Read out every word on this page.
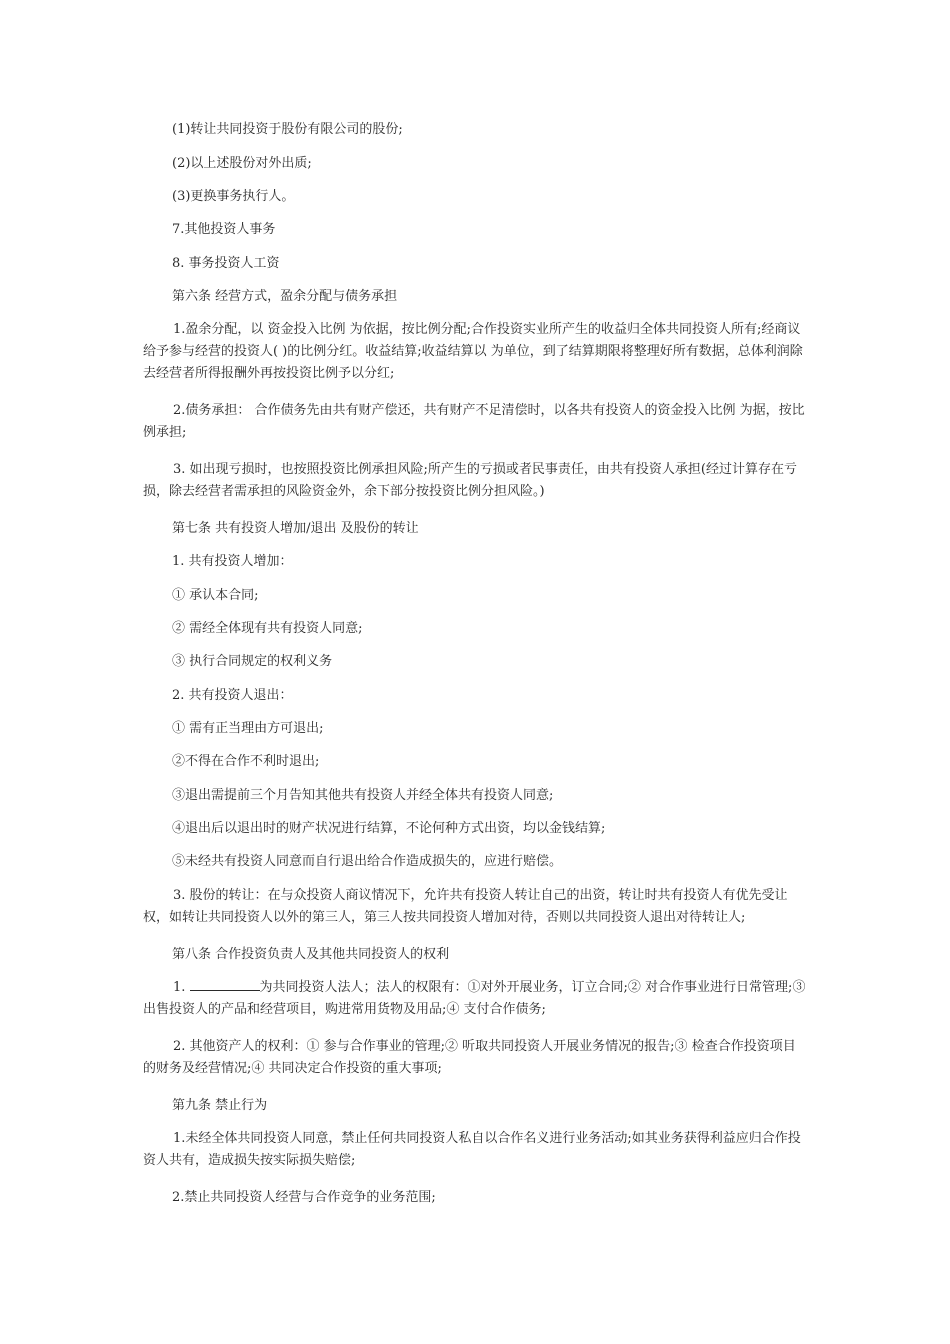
(1)转让共同投资于股份有限公司的股份;

(2)以上述股份对外出质;

(3)更换事务执行人。

7.其他投资人事务

8. 事务投资人工资

第六条 经营方式，盈余分配与债务承担

1.盈余分配，以 资金投入比例 为依据，按比例分配;合作投资实业所产生的收益归全体共同投资人所有;经商议给予参与经营的投资人( )的比例分红。收益结算;收益结算以 为单位，到了结算期限将整理好所有数据，总体利润除去经营者所得报酬外再按投资比例予以分红;

2.债务承担： 合作债务先由共有财产偿还，共有财产不足清偿时，以各共有投资人的资金投入比例 为据，按比例承担;

3. 如出现亏损时，也按照投资比例承担风险;所产生的亏损或者民事责任，由共有投资人承担(经过计算存在亏损，除去经营者需承担的风险资金外，余下部分按投资比例分担风险。)

第七条 共有投资人增加/退出 及股份的转让

1. 共有投资人增加：

① 承认本合同;

② 需经全体现有共有投资人同意;

③ 执行合同规定的权利义务

2. 共有投资人退出：

① 需有正当理由方可退出;

②不得在合作不利时退出;

③退出需提前三个月告知其他共有投资人并经全体共有投资人同意;

④退出后以退出时的财产状况进行结算，不论何种方式出资，均以金钱结算;

⑤未经共有投资人同意而自行退出给合作造成损失的，应进行赔偿。

3. 股份的转让：在与众投资人商议情况下，允许共有投资人转让自己的出资，转让时共有投资人有优先受让权，如转让共同投资人以外的第三人，第三人按共同投资人增加对待，否则以共同投资人退出对待转让人;

第八条 合作投资负责人及其他共同投资人的权利

1.	为共同投资人法人；法人的权限有：①对外开展业务，订立合同;② 对合作事业进行日常管理;③ 出售投资人的产品和经营项目，购进常用货物及用品;④ 支付合作债务;

2. 其他资产人的权利：① 参与合作事业的管理;② 听取共同投资人开展业务情况的报告;③ 检查合作投资项目的财务及经营情况;④ 共同决定合作投资的重大事项;

第九条 禁止行为

1.未经全体共同投资人同意，禁止任何共同投资人私自以合作名义进行业务活动;如其业务获得利益应归合作投资人共有，造成损失按实际损失赔偿;

2.禁止共同投资人经营与合作竞争的业务范围;
